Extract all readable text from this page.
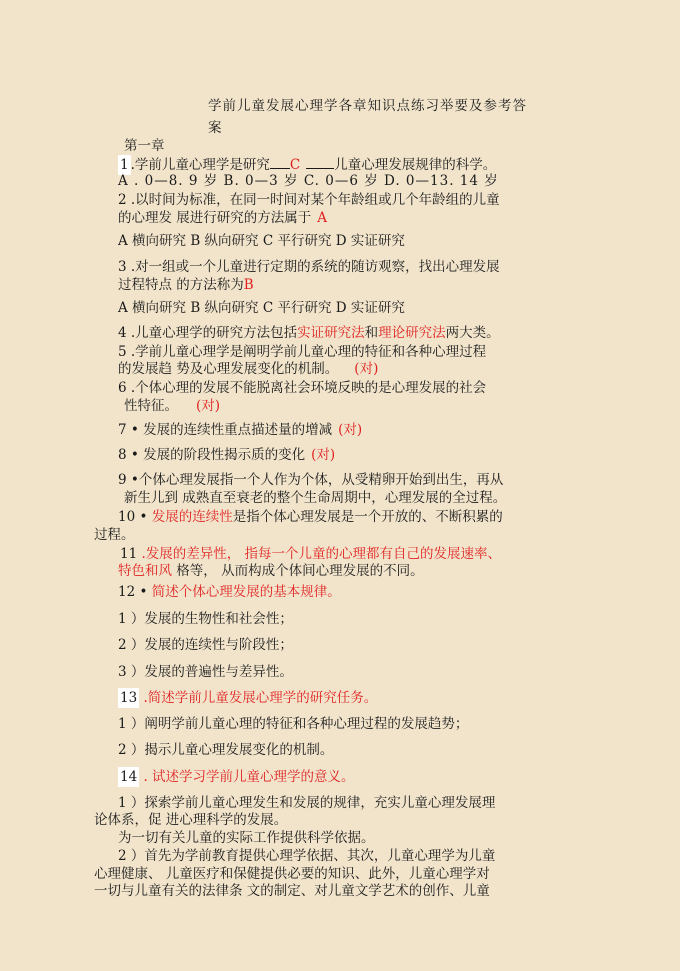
学前儿童发展心理学各章知识点练习举要及参考答
案
第一章
1 .学前儿童心理学是研究 C	儿童心理发展规律的科学。
A . 0—8. 9 岁 B. 0—3 岁 C. 0—6 岁 D. 0—13. 14 岁
2 .以时间为标准，在同一时间对某个年龄组或几个年龄组的儿童
的心理发 展进行研究的方法属于 A
A 横向研究 B 纵向研究 C 平行研究 D 实证研究
3 .对一组或一个儿童进行定期的系统的随访观察，找出心理发展
过程特点 的方法称为B
A 横向研究 B 纵向研究 C 平行研究 D 实证研究
4 .儿童心理学的研究方法包括实证研究法和理论研究法两大类。
5 .学前儿童心理学是阐明学前儿童心理的特征和各种心理过程
的发展趋 势及心理发展变化的机制。 (对)
6 .个体心理的发展不能脱离社会环境反映的是心理发展的社会
性特征。 (对)
7 • 发展的连续性重点描述量的增减 (对)
8 • 发展的阶段性揭示质的变化 (对)
9 •个体心理发展指一个人作为个体，从受精卵开始到出生，再从
新生儿到 成熟直至衰老的整个生命周期中，心理发展的全过程。
10 • 发展的连续性是指个体心理发展是一个开放的、不断积累的
过程。
11 .发展的差异性， 指每一个儿童的心理都有自己的发展速率、
特色和风 格等， 从而构成个体间心理发展的不同。
12 • 简述个体心理发展的基本规律。
1 ）发展的生物性和社会性；
2 ）发展的连续性与阶段性；
3 ）发展的普遍性与差异性。
13 .简述学前儿童发展心理学的研究任务。
1 ）阐明学前儿童心理的特征和各种心理过程的发展趋势；
2 ）揭示儿童心理发展变化的机制。
14 . 试述学习学前儿童心理学的意义。
1 ）探索学前儿童心理发生和发展的规律，充实儿童心理发展理
论体系，促 进心理科学的发展。
为一切有关儿童的实际工作提供科学依据。
2 ）首先为学前教育提供心理学依据、其次，儿童心理学为儿童
心理健康、 儿童医疗和保健提供必要的知识、此外，儿童心理学对
一切与儿童有关的法律条 文的制定、对儿童文学艺术的创作、儿童
